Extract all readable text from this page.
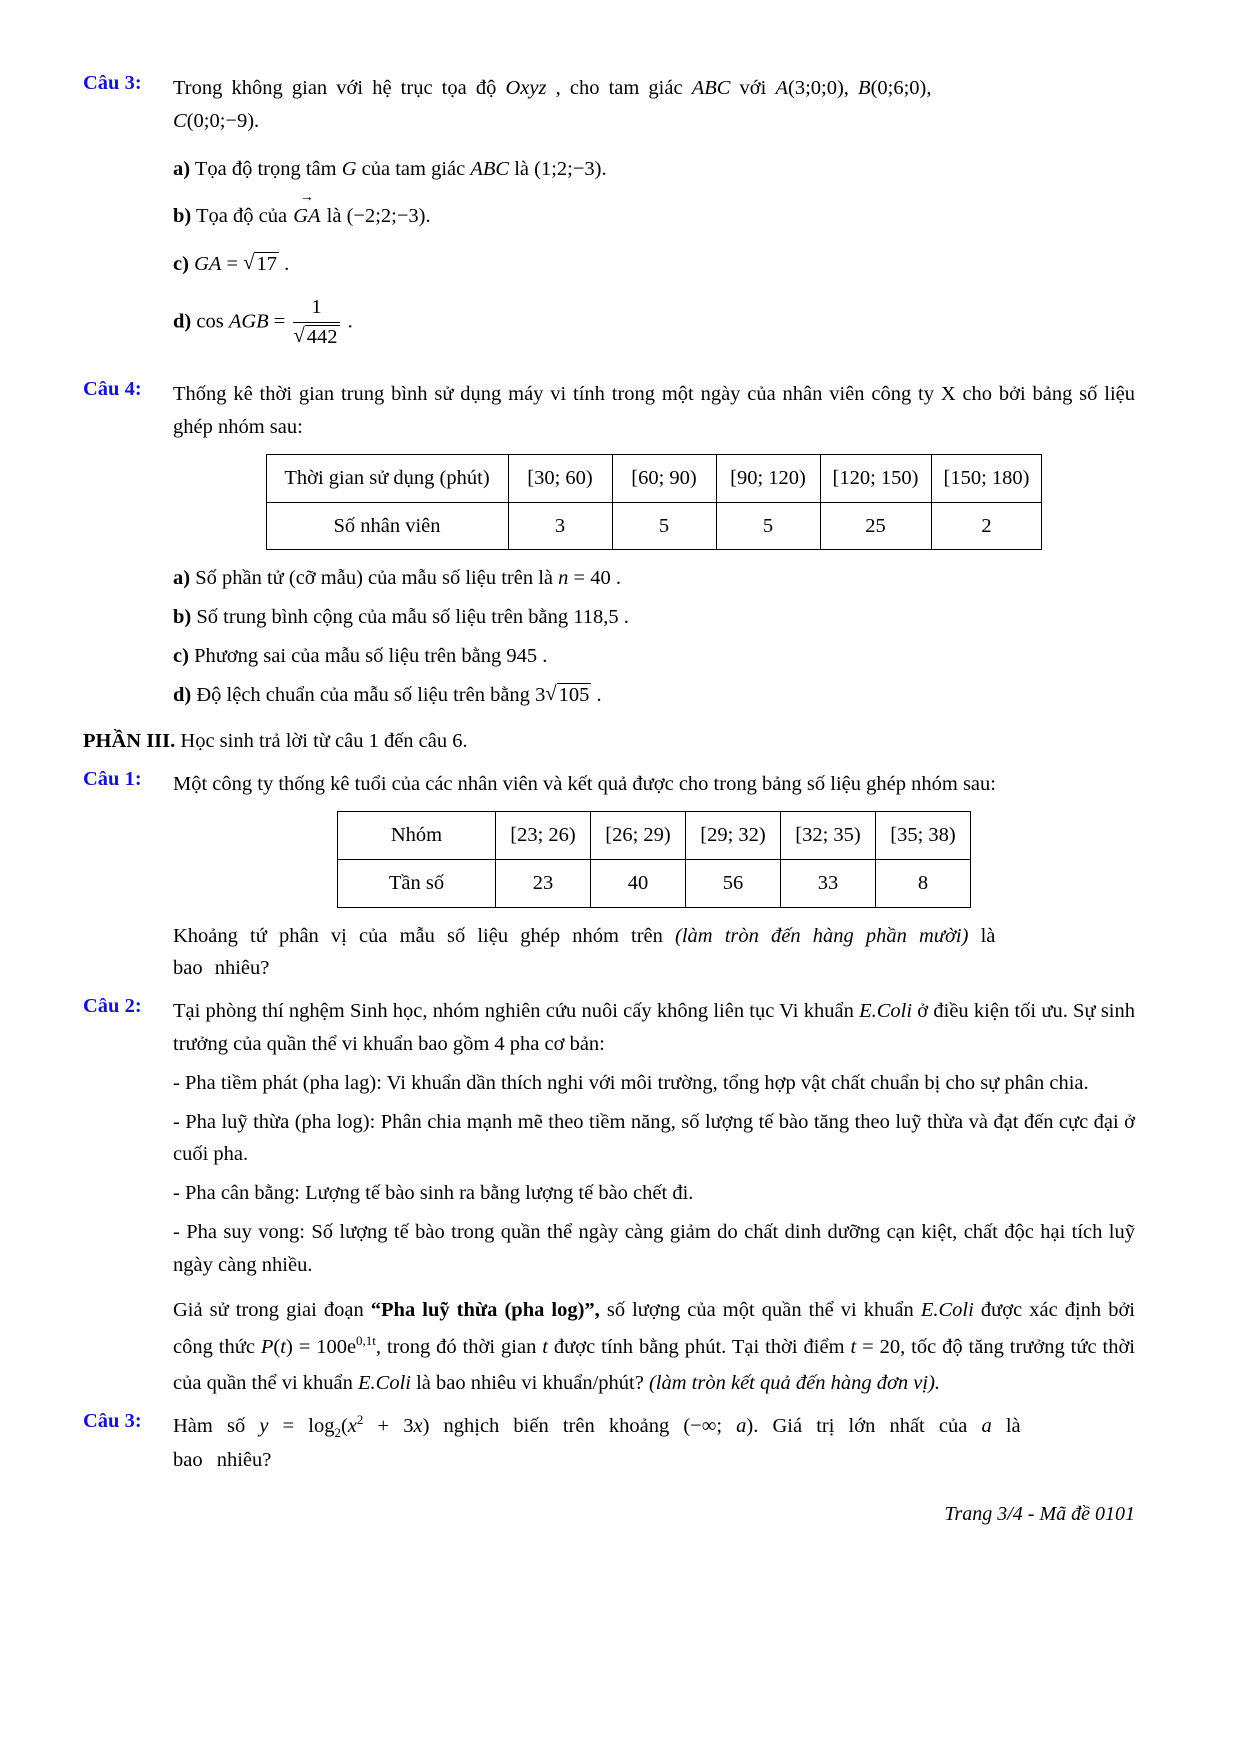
Câu 3:	Trong không gian với hệ trục tọa độ Oxyz , cho tam giác ABC với A(3;0;0), B(0;6;0),
C(0;0;−9).

a) Tọa độ trọng tâm G của tam giác ABC là (1;2;−3).

b) Tọa độ của
→
GA là (−2;2;−3).

c) GA = √17 .

d) cos AGB = $\frac{1}{√442}$ .

Câu 4:	Thống kê thời gian trung bình sử dụng máy vi tính trong một ngày của nhân viên công ty X cho bởi bảng số liệu ghép nhóm sau:

Thời gian sử dụng (phút)	[30; 60)	[60; 90)	[90; 120)	[120; 150)	[150; 180)
Số nhân viên	3	5	5	25	2

a) Số phần tử (cỡ mẫu) của mẫu số liệu trên là n = 40 .

b) Số trung bình cộng của mẫu số liệu trên bằng 118,5 .

c) Phương sai của mẫu số liệu trên bằng 945 .

d) Độ lệch chuẩn của mẫu số liệu trên bằng 3√105 .

PHẦN III. Học sinh trả lời từ câu 1 đến câu 6.

Câu 1:	Một công ty thống kê tuổi của các nhân viên và kết quả được cho trong bảng số liệu ghép nhóm sau:

Nhóm	[23; 26)	[26; 29)	[29; 32)	[32; 35)	[35; 38)
Tần số	23	40	56	33	8

Khoảng tứ phân vị của mẫu số liệu ghép nhóm trên (làm tròn đến hàng phần mười) là
bao nhiêu?

Câu 2:	Tại phòng thí nghệm Sinh học, nhóm nghiên cứu nuôi cấy không liên tục Vi khuẩn E.Coli ở điều kiện tối ưu. Sự sinh trưởng của quần thể vi khuẩn bao gồm 4 pha cơ bản:

- Pha tiềm phát (pha lag): Vi khuẩn dần thích nghi với môi trường, tổng hợp vật chất chuẩn bị cho sự phân chia.

- Pha luỹ thừa (pha log): Phân chia mạnh mẽ theo tiềm năng, số lượng tế bào tăng theo luỹ thừa và đạt đến cực đại ở cuối pha.

- Pha cân bằng: Lượng tế bào sinh ra bằng lượng tế bào chết đi.

- Pha suy vong: Số lượng tế bào trong quần thể ngày càng giảm do chất dinh dưỡng cạn kiệt, chất độc hại tích luỹ ngày càng nhiều.

Giả sử trong giai đoạn “Pha luỹ thừa (pha log)”, số lượng của một quần thể vi khuẩn E.Coli được xác định bởi công thức $P(t) = 100e^{0,1t}$, trong đó thời gian t được tính bằng phút. Tại thời điểm t = 20, tốc độ tăng trưởng tức thời của quần thể vi khuẩn E.Coli là bao nhiêu vi khuẩn/phút? (làm tròn kết quả đến hàng đơn vị).

Câu 3:	Hàm số $y = \log_2(x^2 + 3x)$ nghịch biến trên khoảng (−∞; a). Giá trị lớn nhất của a là
bao nhiêu?

Trang 3/4 - Mã đề 0101
